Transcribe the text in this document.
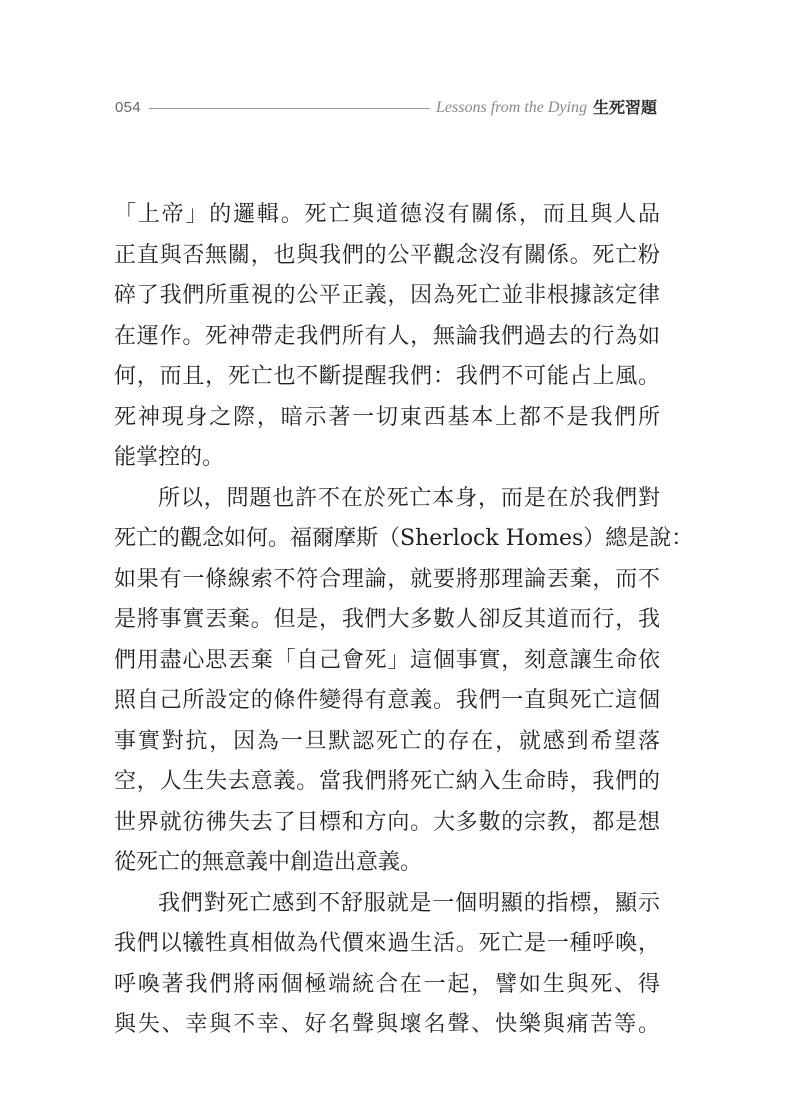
054	Lessons from the Dying 生死習題
「上帝」的邏輯。死亡與道德沒有關係，而且與人品
正直與否無關，也與我們的公平觀念沒有關係。死亡粉
碎了我們所重視的公平正義，因為死亡並非根據該定律
在運作。死神帶走我們所有人，無論我們過去的行為如
何，而且，死亡也不斷提醒我們：我們不可能占上風。
死神現身之際，暗示著一切東西基本上都不是我們所
能掌控的。
所以，問題也許不在於死亡本身，而是在於我們對
死亡的觀念如何。福爾摩斯（Sherlock Homes）總是說：
如果有一條線索不符合理論，就要將那理論丟棄，而不
是將事實丟棄。但是，我們大多數人卻反其道而行，我
們用盡心思丟棄「自己會死」這個事實，刻意讓生命依
照自己所設定的條件變得有意義。我們一直與死亡這個
事實對抗，因為一旦默認死亡的存在，就感到希望落
空，人生失去意義。當我們將死亡納入生命時，我們的
世界就彷彿失去了目標和方向。大多數的宗教，都是想
從死亡的無意義中創造出意義。
我們對死亡感到不舒服就是一個明顯的指標，顯示
我們以犧牲真相做為代價來過生活。死亡是一種呼喚，
呼喚著我們將兩個極端統合在一起，譬如生與死、得
與失、幸與不幸、好名聲與壞名聲、快樂與痛苦等。
